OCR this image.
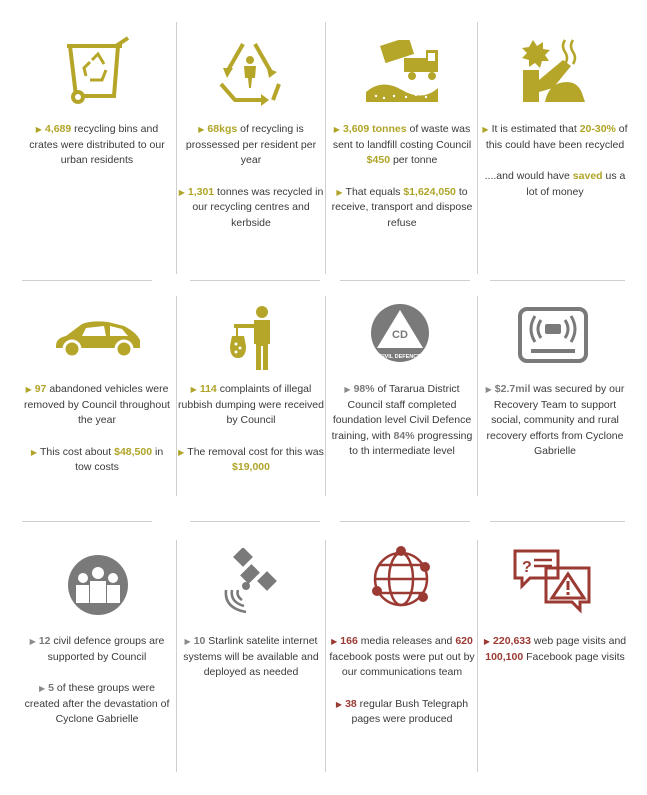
▶ 4,689 recycling bins and crates were distributed to our urban residents

▶ 68kgs of recycling is prossessed per resident per year

▶ 1,301 tonnes was recycled in our recycling centres and kerbside

▶ 3,609 tonnes of waste was sent to landfill costing Council $450 per tonne

▶ That equals $1,624,050 to receive, transport and dispose refuse

▶ It is estimated that 20-30% of this could have been recycled

....and would have saved us a lot of money

CD
CIVIL DEFENCE

▶ 97 abandoned vehicles were removed by Council throughout the year

▶ This cost about $48,500 in tow costs

▶ 114 complaints of illegal rubbish dumping were received by Council

▶ The removal cost for this was $19,000

▶ 98% of Tararua District Council staff completed foundation level Civil Defence training, with 84% progressing to th intermediate level

▶ $2.7mil was secured by our Recovery Team to support social, community and rural recovery efforts from Cyclone Gabrielle

?

▶ 12 civil defence groups are supported by Council

▶ 5 of these groups were created after the devastation of Cyclone Gabrielle

▶ 10 Starlink satelite internet systems will be available and deployed as needed

▶ 166 media releases and 620 facebook posts were put out by our communications team

▶ 38 regular Bush Telegraph pages were produced

▶ 220,633 web page visits and 100,100 Facebook page visits
